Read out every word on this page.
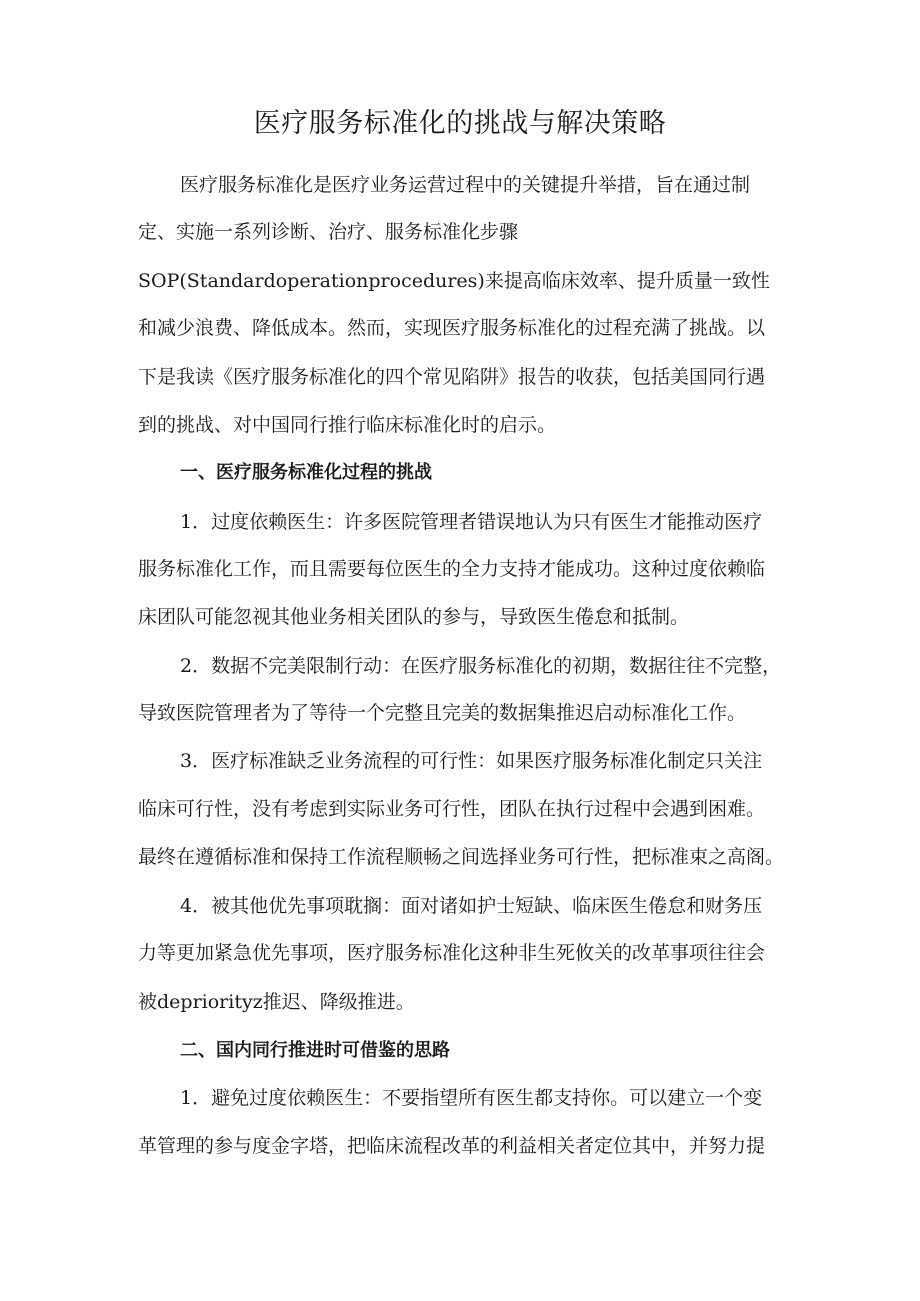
医疗服务标准化的挑战与解决策略

医疗服务标准化是医疗业务运营过程中的关键提升举措，旨在通过制

定、实施一系列诊断、治疗、服务标准化步骤

SOP(Standardoperationprocedures)来提高临床效率、提升质量一致性

和减少浪费、降低成本。然而，实现医疗服务标准化的过程充满了挑战。以

下是我读《医疗服务标准化的四个常见陷阱》报告的收获，包括美国同行遇

到的挑战、对中国同行推行临床标准化时的启示。

一、医疗服务标准化过程的挑战

1．过度依赖医生：许多医院管理者错误地认为只有医生才能推动医疗

服务标准化工作，而且需要每位医生的全力支持才能成功。这种过度依赖临

床团队可能忽视其他业务相关团队的参与，导致医生倦怠和抵制。

2．数据不完美限制行动：在医疗服务标准化的初期，数据往往不完整，

导致医院管理者为了等待一个完整且完美的数据集推迟启动标准化工作。

3．医疗标准缺乏业务流程的可行性：如果医疗服务标准化制定只关注

临床可行性，没有考虑到实际业务可行性，团队在执行过程中会遇到困难。

最终在遵循标准和保持工作流程顺畅之间选择业务可行性，把标准束之高阁。

4．被其他优先事项耽搁：面对诸如护士短缺、临床医生倦怠和财务压

力等更加紧急优先事项，医疗服务标准化这种非生死攸关的改革事项往往会

被depriorityz推迟、降级推进。

二、国内同行推进时可借鉴的思路

1．避免过度依赖医生：不要指望所有医生都支持你。可以建立一个变

革管理的参与度金字塔，把临床流程改革的利益相关者定位其中，并努力提
